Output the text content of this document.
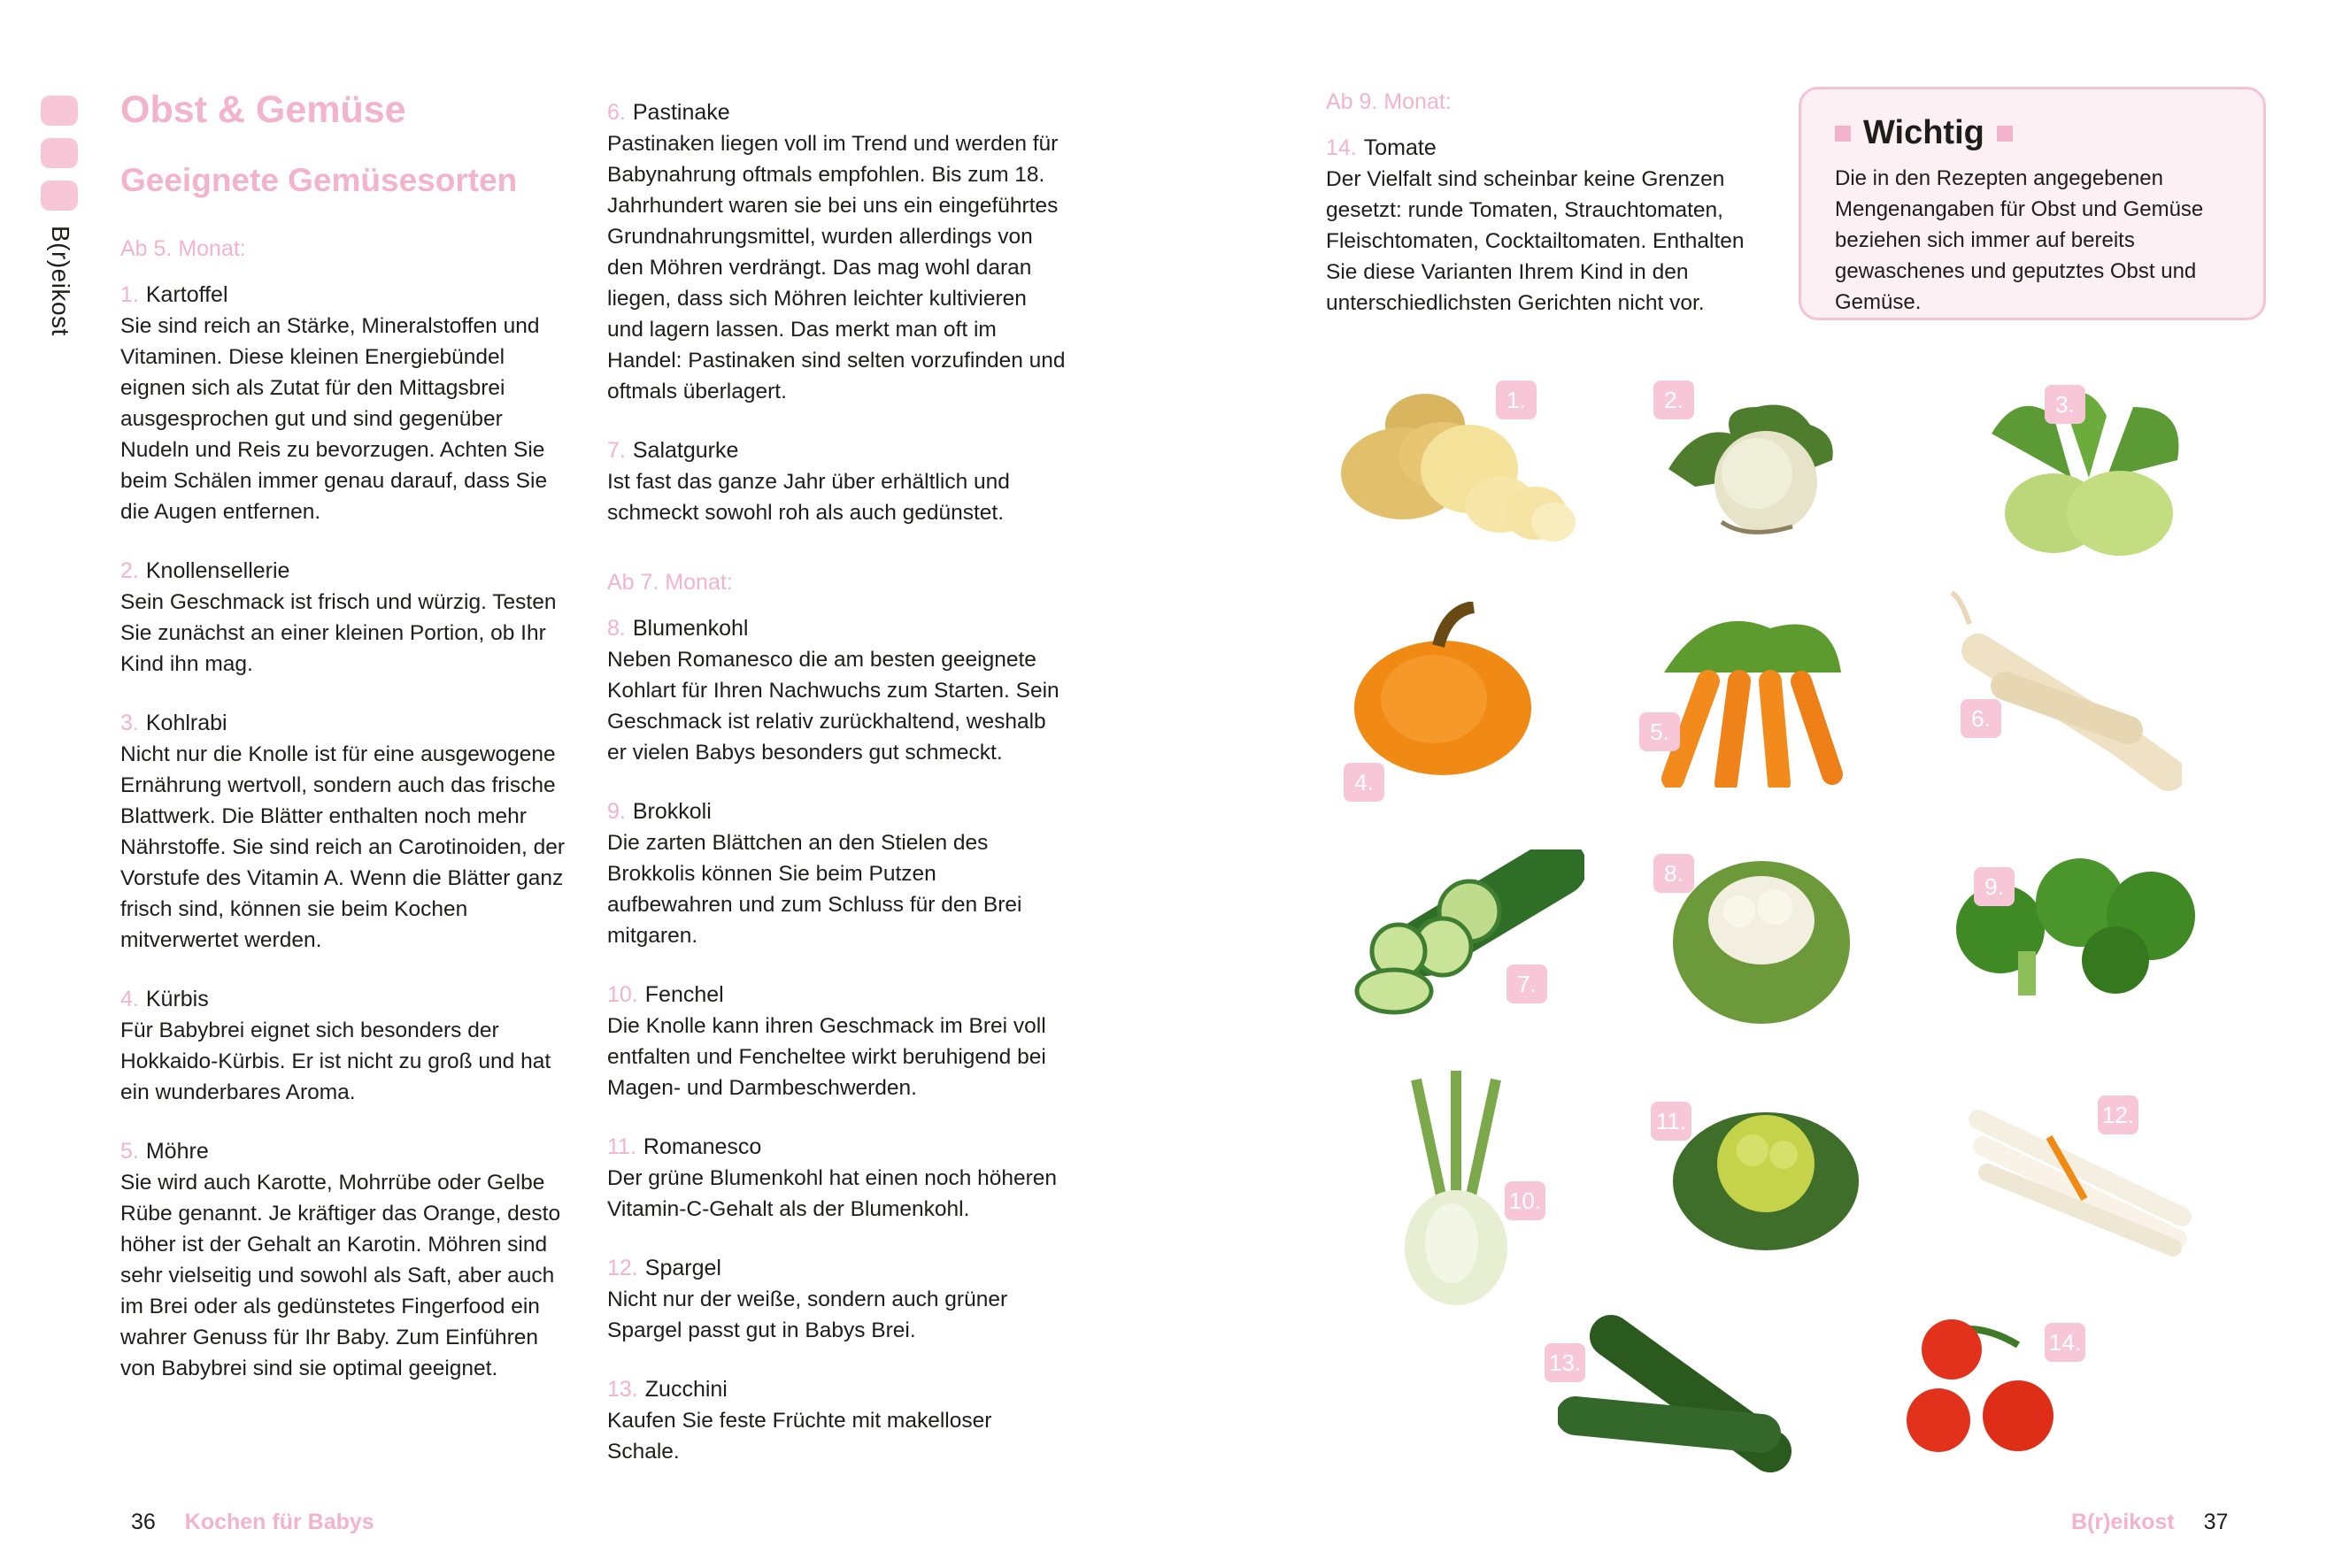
B(r)eikost
Obst & Gemüse
Geeignete Gemüsesorten
Ab 5. Monat:
1. Kartoffel
Sie sind reich an Stärke, Mineralstoffen und Vitaminen. Diese kleinen Energiebündel eignen sich als Zutat für den Mittagsbrei ausgesprochen gut und sind gegenüber Nudeln und Reis zu bevorzugen. Achten Sie beim Schälen immer genau darauf, dass Sie die Augen entfernen.
2. Knollensellerie
Sein Geschmack ist frisch und würzig. Testen Sie zunächst an einer kleinen Portion, ob Ihr Kind ihn mag.
3. Kohlrabi
Nicht nur die Knolle ist für eine ausgewogene Ernährung wertvoll, sondern auch das frische Blattwerk. Die Blätter enthalten noch mehr Nährstoffe. Sie sind reich an Carotinoiden, der Vorstufe des Vitamin A. Wenn die Blätter ganz frisch sind, können sie beim Kochen mitverwertet werden.
4. Kürbis
Für Babybrei eignet sich besonders der Hokkaido-Kürbis. Er ist nicht zu groß und hat ein wunderbares Aroma.
5. Möhre
Sie wird auch Karotte, Mohrrübe oder Gelbe Rübe genannt. Je kräftiger das Orange, desto höher ist der Gehalt an Karotin. Möhren sind sehr vielseitig und sowohl als Saft, aber auch im Brei oder als gedünstetes Fingerfood ein wahrer Genuss für Ihr Baby. Zum Einführen von Babybrei sind sie optimal geeignet.
6. Pastinake
Pastinaken liegen voll im Trend und werden für Babynahrung oftmals empfohlen. Bis zum 18. Jahrhundert waren sie bei uns ein eingeführtes Grundnahrungsmittel, wurden allerdings von den Möhren verdrängt. Das mag wohl daran liegen, dass sich Möhren leichter kultivieren und lagern lassen. Das merkt man oft im Handel: Pastinaken sind selten vorzufinden und oftmals überlagert.
7. Salatgurke
Ist fast das ganze Jahr über erhältlich und schmeckt sowohl roh als auch gedünstet.
Ab 7. Monat:
8. Blumenkohl
Neben Romanesco die am besten geeignete Kohlart für Ihren Nachwuchs zum Starten. Sein Geschmack ist relativ zurückhaltend, weshalb er vielen Babys besonders gut schmeckt.
9. Brokkoli
Die zarten Blättchen an den Stielen des Brokkolis können Sie beim Putzen aufbewahren und zum Schluss für den Brei mitgaren.
10. Fenchel
Die Knolle kann ihren Geschmack im Brei voll entfalten und Fencheltee wirkt beruhigend bei Magen- und Darmbeschwerden.
11. Romanesco
Der grüne Blumenkohl hat einen noch höheren Vitamin-C-Gehalt als der Blumenkohl.
12. Spargel
Nicht nur der weiße, sondern auch grüner Spargel passt gut in Babys Brei.
13. Zucchini
Kaufen Sie feste Früchte mit makelloser Schale.
Ab 9. Monat:
14. Tomate
Der Vielfalt sind scheinbar keine Grenzen gesetzt: runde Tomaten, Strauchtomaten, Fleischtomaten, Cocktailtomaten. Enthalten Sie diese Varianten Ihrem Kind in den unterschiedlichsten Gerichten nicht vor.
Wichtig
Die in den Rezepten angegebenen Mengenangaben für Obst und Gemüse beziehen sich immer auf bereits gewaschenes und geputztes Obst und Gemüse.
1.	2.	3.
4.
5.	6.
7.
8.	9.
10.
11.	12.
13.
14.
36 Kochen für Babys	B(r)eikost 37
